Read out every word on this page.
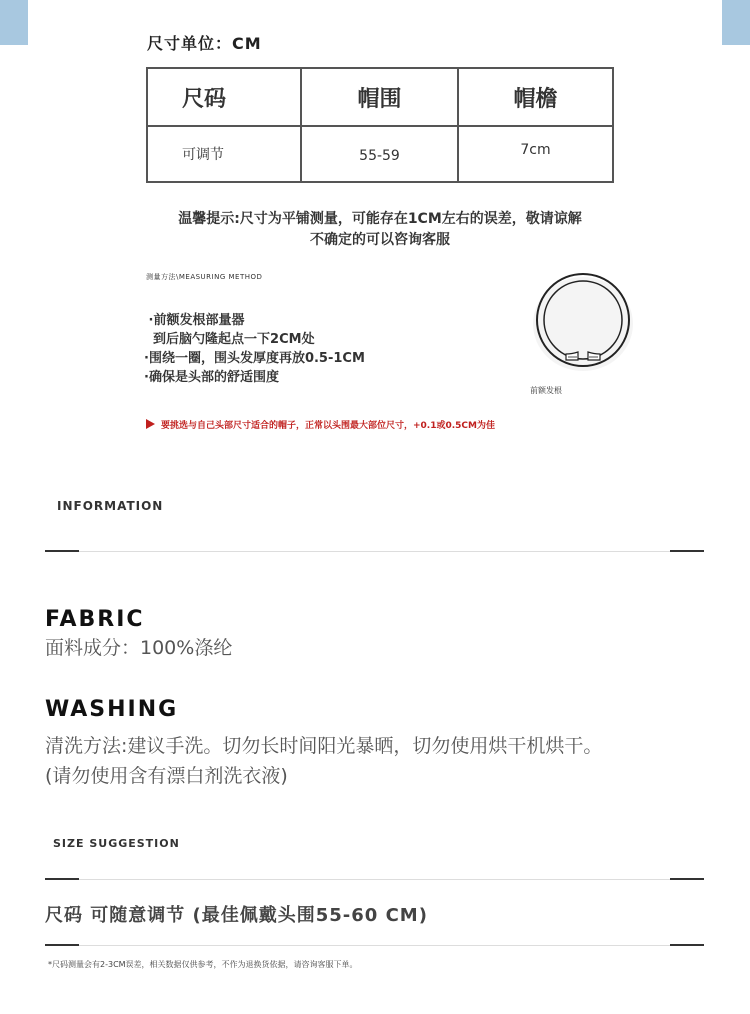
尺寸单位：CM
尺码	帽围	帽檐
可调节	55-59	7cm
温馨提示:尺寸为平铺测量，可能存在1CM左右的误差，敬请谅解
不确定的可以咨询客服
测量方法\MEASURING METHOD
·前额发根部量器
到后脑勺隆起点一下2CM处
·围绕一圈，围头发厚度再放0.5-1CM
·确保是头部的舒适围度
前额发根
要挑选与自己头部尺寸适合的帽子，正常以头围最大部位尺寸，+0.1或0.5CM为佳
INFORMATION
FABRIC
面料成分：100%涤纶
WASHING
清洗方法:建议手洗。切勿长时间阳光暴晒，切勿使用烘干机烘干。
(请勿使用含有漂白剂洗衣液)
SIZE SUGGESTION
尺码 可随意调节 (最佳佩戴头围55-60 CM)
*尺码测量会有2-3CM误差，相关数据仅供参考，不作为退换货依据，请咨询客服下单。
